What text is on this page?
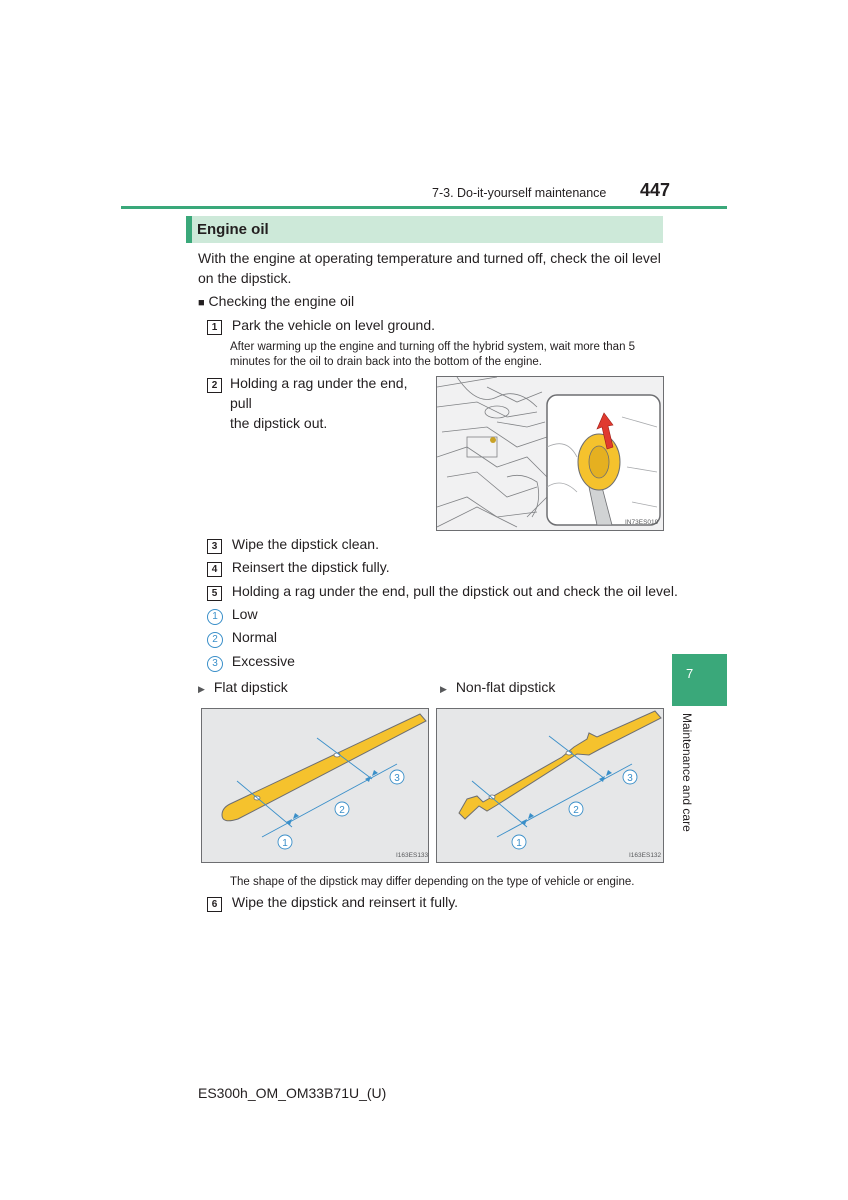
7-3. Do-it-yourself maintenance 447
Engine oil
With the engine at operating temperature and turned off, check the oil level on the dipstick.
■ Checking the engine oil
1 Park the vehicle on level ground.
After warming up the engine and turning off the hybrid system, wait more than 5
minutes for the oil to drain back into the bottom of the engine.
2 Holding a rag under the end, pull
the dipstick out.
IN73ES019
3 Wipe the dipstick clean.
4 Reinsert the dipstick fully.
5 Holding a rag under the end, pull the dipstick out and check the oil level.
1 Low
2 Normal
3 Excessive
▶ Flat dipstick	▶ Non-flat dipstick
1
2
3
I163ES133
1
2
3
I163ES132
The shape of the dipstick may differ depending on the type of vehicle or engine.
6 Wipe the dipstick and reinsert it fully.
7
Maintenance and care
ES300h_OM_OM33B71U_(U)
